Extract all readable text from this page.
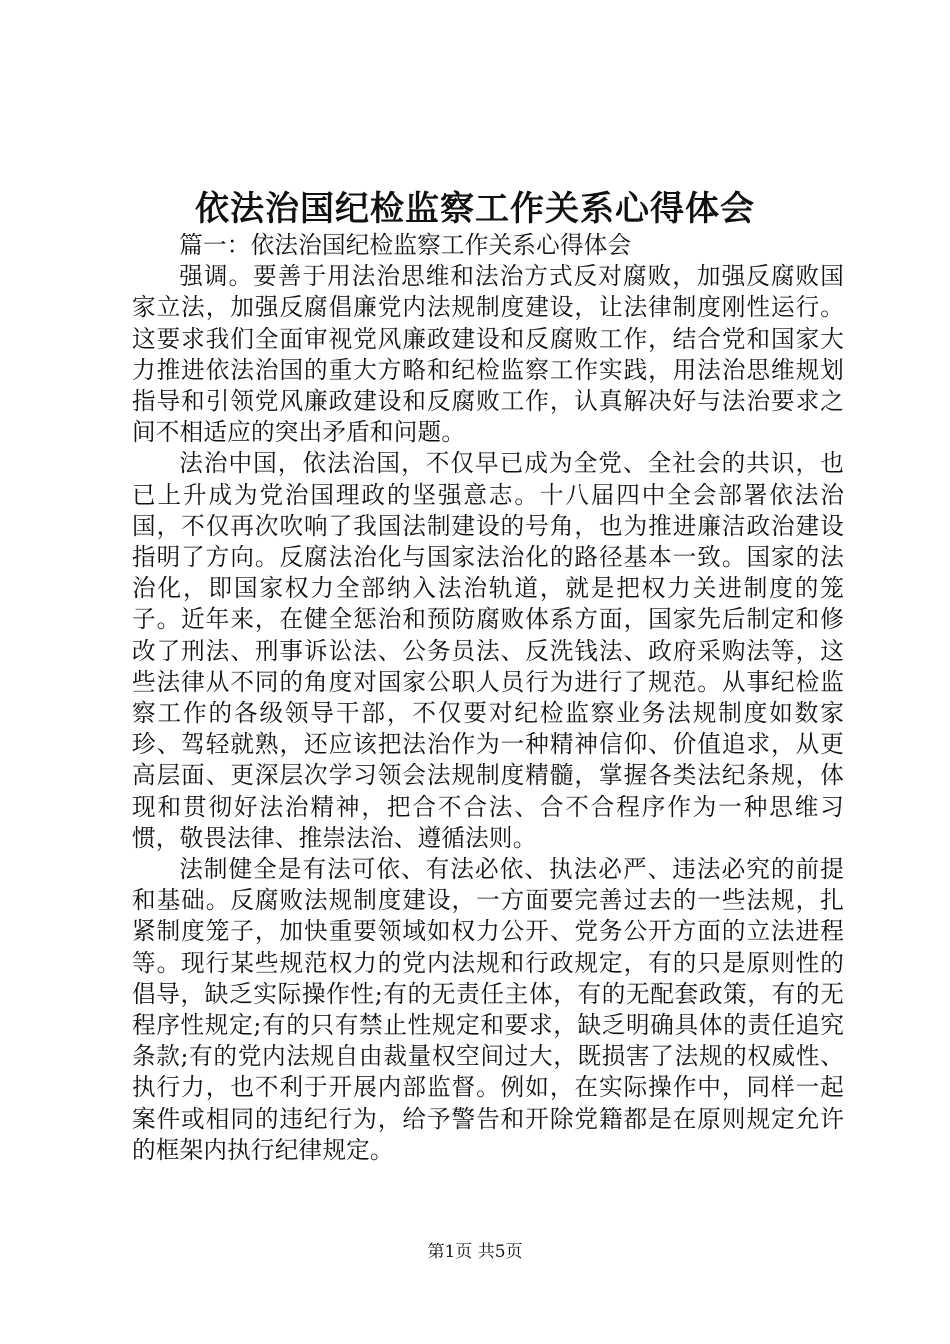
依法治国纪检监察工作关系心得体会

篇一：依法治国纪检监察工作关系心得体会

强调。要善于用法治思维和法治方式反对腐败，加强反腐败国家立法，加强反腐倡廉党内法规制度建设，让法律制度刚性运行。这要求我们全面审视党风廉政建设和反腐败工作，结合党和国家大力推进依法治国的重大方略和纪检监察工作实践，用法治思维规划指导和引领党风廉政建设和反腐败工作，认真解决好与法治要求之间不相适应的突出矛盾和问题。

法治中国，依法治国，不仅早已成为全党、全社会的共识，也已上升成为党治国理政的坚强意志。十八届四中全会部署依法治国，不仅再次吹响了我国法制建设的号角，也为推进廉洁政治建设指明了方向。反腐法治化与国家法治化的路径基本一致。国家的法治化，即国家权力全部纳入法治轨道，就是把权力关进制度的笼子。近年来，在健全惩治和预防腐败体系方面，国家先后制定和修改了刑法、刑事诉讼法、公务员法、反洗钱法、政府采购法等，这些法律从不同的角度对国家公职人员行为进行了规范。从事纪检监察工作的各级领导干部，不仅要对纪检监察业务法规制度如数家珍、驾轻就熟，还应该把法治作为一种精神信仰、价值追求，从更高层面、更深层次学习领会法规制度精髓，掌握各类法纪条规，体现和贯彻好法治精神，把合不合法、合不合程序作为一种思维习惯，敬畏法律、推崇法治、遵循法则。

法制健全是有法可依、有法必依、执法必严、违法必究的前提和基础。反腐败法规制度建设，一方面要完善过去的一些法规，扎紧制度笼子，加快重要领域如权力公开、党务公开方面的立法进程等。现行某些规范权力的党内法规和行政规定，有的只是原则性的倡导，缺乏实际操作性;有的无责任主体，有的无配套政策，有的无程序性规定;有的只有禁止性规定和要求，缺乏明确具体的责任追究条款;有的党内法规自由裁量权空间过大，既损害了法规的权威性、执行力，也不利于开展内部监督。例如，在实际操作中，同样一起案件或相同的违纪行为，给予警告和开除党籍都是在原则规定允许的框架内执行纪律规定。

第1页 共5页
